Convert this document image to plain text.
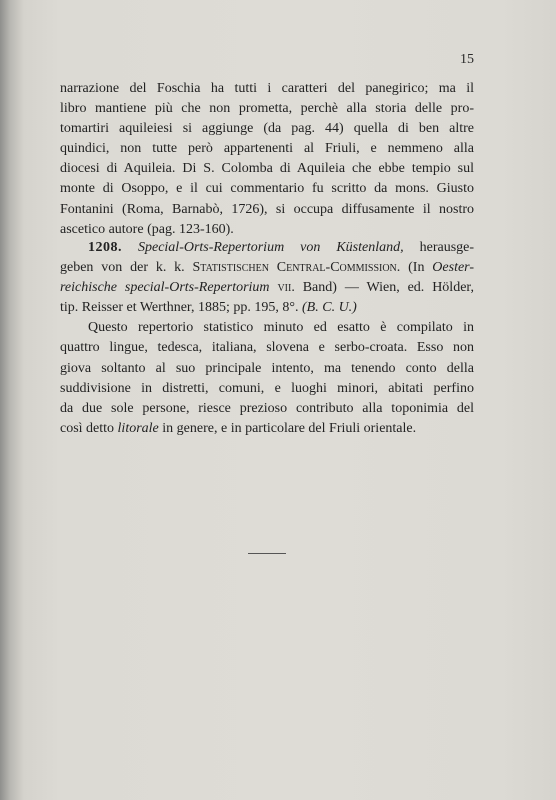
15
narrazione del Foschia ha tutti i caratteri del panegirico; ma il
libro mantiene più che non prometta, perchè alla storia delle pro-
tomartiri aquileiesi si aggiunge (da pag. 44) quella di ben altre
quindici, non tutte però appartenenti al Friuli, e nemmeno alla
diocesi di Aquileia. Di S. Colomba di Aquileia che ebbe tempio sul
monte di Osoppo, e il cui commentario fu scritto da mons. Giusto
Fontanini (Roma, Barnabò, 1726), si occupa diffusamente il nostro
ascetico autore (pag. 123-160).
1208. Special-Orts-Repertorium von Küstenland, herausge-
geben von der k. k. Statistischen Central-Commission. (In Oester-
reichische special-Orts-Repertorium vii. Band) — Wien, ed. Hölder,
tip. Reisser et Werthner, 1885; pp. 195, 8°. (B. C. U.)
Questo repertorio statistico minuto ed esatto è compilato in
quattro lingue, tedesca, italiana, slovena e serbo-croata. Esso non
giova soltanto al suo principale intento, ma tenendo conto della
suddivisione in distretti, comuni, e luoghi minori, abitati perfino
da due sole persone, riesce prezioso contributo alla toponimia del
così detto litorale in genere, e in particolare del Friuli orientale.
